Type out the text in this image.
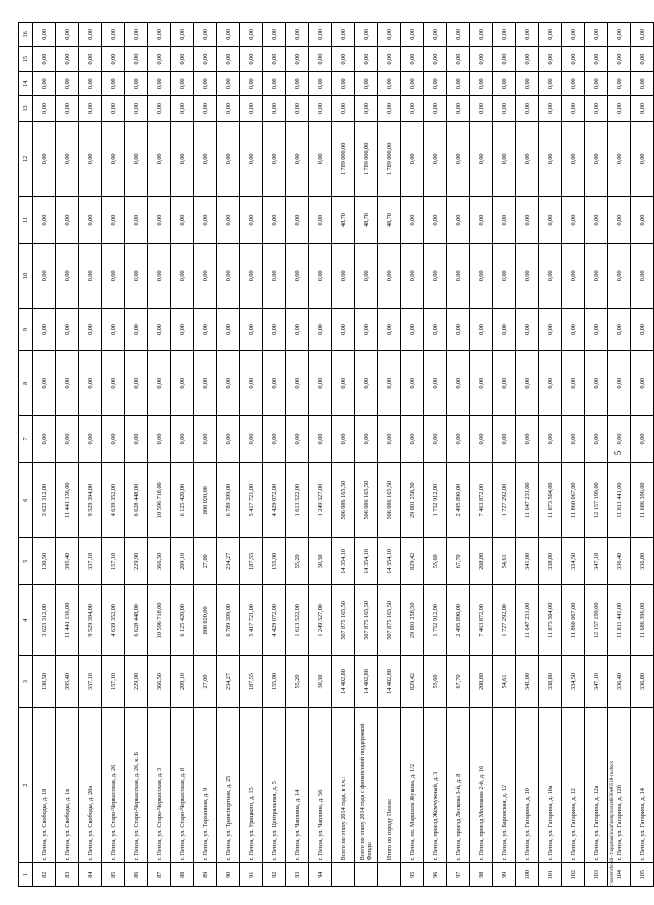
1	2	3	4	5	6	7	8	9	10	11	12	13	14	15	16
82	г. Пенза, ул. Свободы, д. 18	130,50	3 623 312,00	130,50	3 623 312,00	0,00	0,00	0,00	0,00	0,00	0,00	0,00	0,00	0,00	0,00
83	г. Пенза, ул. Свободы, д. 1в	395,40	11 441 136,00	395,40	11 441 136,00	0,00	0,00	0,00	0,00	0,00	0,00	0,00	0,00	0,00	0,00
84	г. Пенза, ул. Свободы, д. 20а	337,10	9 529 394,00	337,10	9 529 394,00	0,00	0,00	0,00	0,00	0,00	0,00	0,00	0,00	0,00	0,00
85	г. Пенза, ул. Старо-Черкасская, д. 26	157,10	4 639 352,00	157,10	4 639 352,00	0,00	0,00	0,00	0,00	0,00	0,00	0,00	0,00	0,00	0,00
86	г. Пенза, ул. Старо-Черкасская, д. 26, к. Б	229,90	6 628 448,00	229,90	6 628 448,00	0,00	0,00	0,00	0,00	0,00	0,00	0,00	0,00	0,00	0,00
87	г. Пенза, ул. Старо-Черкасская, д. 3	366,50	10 596 718,00	366,50	10 596 718,00	0,00	0,00	0,00	0,00	0,00	0,00	0,00	0,00	0,00	0,00
88	г. Пенза, ул. Старо-Черкасская, д. 8	209,10	6 125 420,00	209,10	6 125 420,00	0,00	0,00	0,00	0,00	0,00	0,00	0,00	0,00	0,00	0,00
89	г. Пенза, ул. Тарханная, д. 9	27,00	800 020,00	27,00	800 020,00	0,00	0,00	0,00	0,00	0,00	0,00	0,00	0,00	0,00	0,00
90	г. Пенза, ул. Транспортная, д. 25	234,27	6 789 399,00	234,27	6 789 399,00	0,00	0,00	0,00	0,00	0,00	0,00	0,00	0,00	0,00	0,00
91	г. Пенза, ул. Урицкого, д. 15	187,55	5 417 721,00	187,55	5 417 721,00	0,00	0,00	0,00	0,00	0,00	0,00	0,00	0,00	0,00	0,00
92	г. Пенза, ул. Центральная, д. 5	155,90	4 429 072,00	155,90	4 429 072,00	0,00	0,00	0,00	0,00	0,00	0,00	0,00	0,00	0,00	0,00
93	г. Пенза, ул. Чаплина, д. 14	55,20	1 613 522,00	55,20	1 613 522,00	0,00	0,00	0,00	0,00	0,00	0,00	0,00	0,00	0,00	0,00
94	г. Пенза, ул. Чаплина, д. 56	30,30	1 249 327,00	30,30	1 249 327,00	0,00	0,00	0,00	0,00	0,00	0,00	0,00	0,00	0,00	0,00
	Всего по этапу 2014 года, в т.ч.:	14 402,80	507 875 165,50	14 354,10	506 086 165,50	0,00	0,00	0,00	0,00	48,70	1 789 000,00	0,00	0,00	0,00	0,00
	Всего по этапу 2014 года с финансовой поддержкой Фонда:	14 402,80	507 875 165,50	14 354,10	506 086 165,50	0,00	0,00	0,00	0,00	48,70	1 789 000,00	0,00	0,00	0,00	0,00
	Итого по городу Пенза:	14 402,80	507 875 165,50	14 354,10	506 086 165,50	0,00	0,00	0,00	0,00	48,70	1 789 000,00	0,00	0,00	0,00	0,00
95	г. Пенза, пл. Маршала Жукова, д. 1/2	829,42	29 801 258,50	829,42	29 801 258,50	0,00	0,00	0,00	0,00	0,00	0,00	0,00	0,00	0,00	0,00
96	г. Пенза, проезд Жемчужный, д. 3	55,60	1 752 912,00	55,60	1 752 912,00	0,00	0,00	0,00	0,00	0,00	0,00	0,00	0,00	0,00	0,00
97	г. Пенза, проезд Лескова 3-й, д. 8	67,70	2 495 890,00	67,70	2 495 890,00	0,00	0,00	0,00	0,00	0,00	0,00	0,00	0,00	0,00	0,00
98	г. Пенза, проезд Молокова 2-й, д. 16	208,80	7 463 872,00	208,80	7 463 872,00	0,00	0,00	0,00	0,00	0,00	0,00	0,00	0,00	0,00	0,00
99	г. Пенза, ул. Баронская, д. 12	54,61	1 727 292,00	54,61	1 727 292,00	0,00	0,00	0,00	0,00	0,00	0,00	0,00	0,00	0,00	0,00
100	г. Пенза, ул. Гагарина, д. 10	341,00	11 647 231,00	341,00	11 647 231,00	0,00	0,00	0,00	0,00	0,00	0,00	0,00	0,00	0,00	0,00
101	г. Пенза, ул. Гагарина, д. 10а	338,80	11 873 504,00	338,80	11 873 504,00	0,00	0,00	0,00	0,00	0,00	0,00	0,00	0,00	0,00	0,00
102	г. Пенза, ул. Гагарина, д. 12	334,50	11 860 067,00	334,50	11 860 067,00	0,00	0,00	0,00	0,00	0,00	0,00	0,00	0,00	0,00	0,00
103	г. Пенза, ул. Гагарина, д. 12а	347,10	12 157 199,00	347,10	12 157 199,00	0,00	0,00	0,00	0,00	0,00	0,00	0,00	0,00	0,00	0,00
104	г. Пенза, ул. Гагарина, д. 12б	336,40	11 811 441,00	336,40	11 811 441,00	0,00	0,00	0,00	0,00	0,00	0,00	0,00	0,00	0,00	0,00
105	г. Пенза, ул. Гагарина, д. 14	336,80	11 686 396,00	336,80	11 686 396,00	0,00	0,00	0,00	0,00	0,00	0,00	0,00	0,00	0,00	0,00
5
c:\users\sbordi~1\appdata\local\temp\notes6030e8\518-ru.docx
